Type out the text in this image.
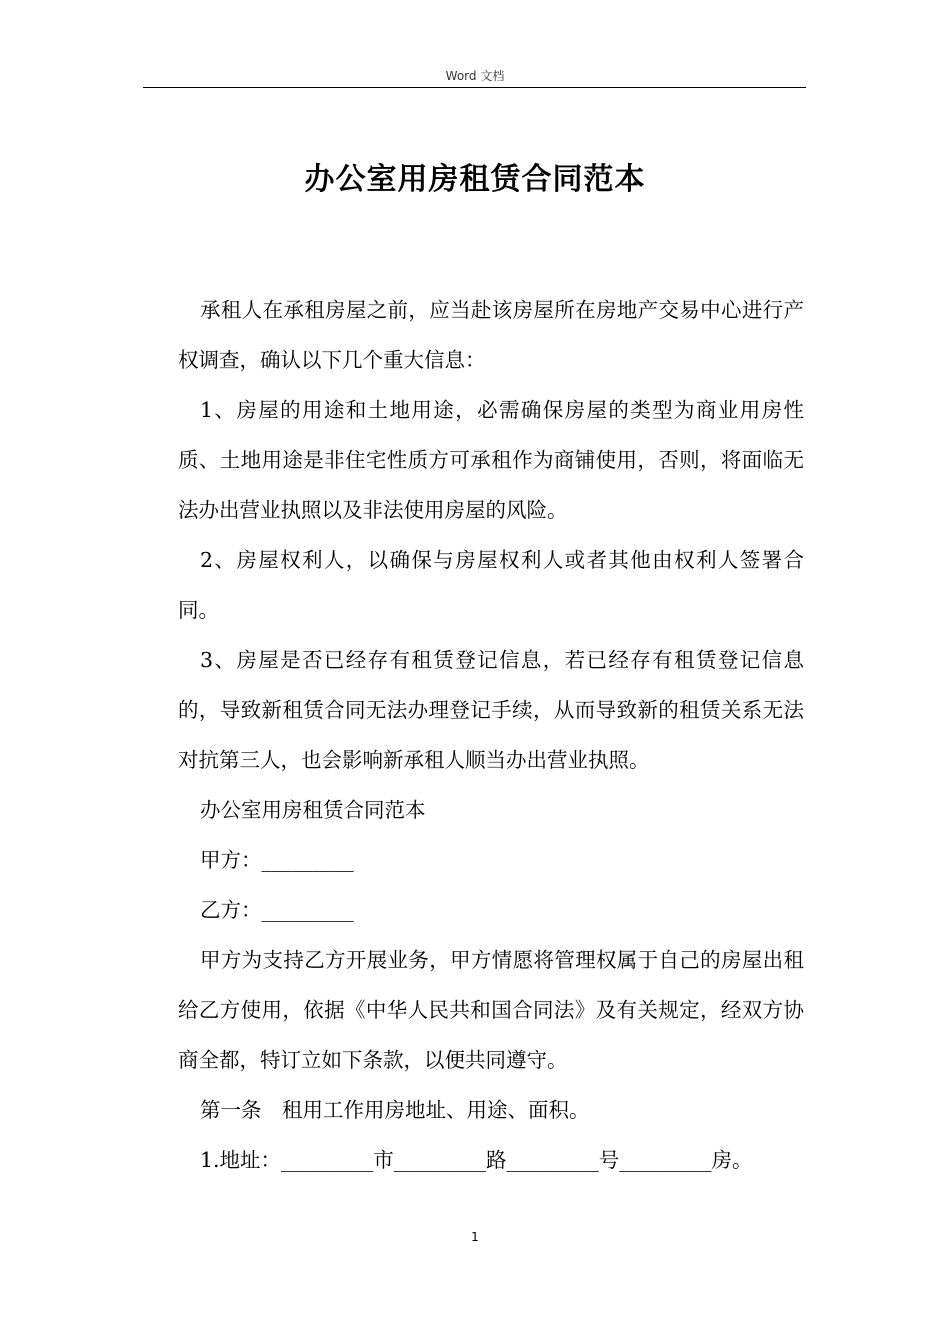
Word 文档
办公室用房租赁合同范本

承租人在承租房屋之前，应当赴该房屋所在房地产交易中心进行产权调查，确认以下几个重大信息：

1、房屋的用途和土地用途，必需确保房屋的类型为商业用房性质、土地用途是非住宅性质方可承租作为商铺使用，否则，将面临无法办出营业执照以及非法使用房屋的风险。

2、房屋权利人，以确保与房屋权利人或者其他由权利人签署合同。

3、房屋是否已经存有租赁登记信息，若已经存有租赁登记信息的，导致新租赁合同无法办理登记手续，从而导致新的租赁关系无法对抗第三人，也会影响新承租人顺当办出营业执照。

办公室用房租赁合同范本

甲方：_________

乙方：_________

甲方为支持乙方开展业务，甲方情愿将管理权属于自己的房屋出租给乙方使用，依据《中华人民共和国合同法》及有关规定，经双方协商全都，特订立如下条款，以便共同遵守。

第一条　租用工作用房地址、用途、面积。

1.地址：_________市_________路_________号_________房。

1
